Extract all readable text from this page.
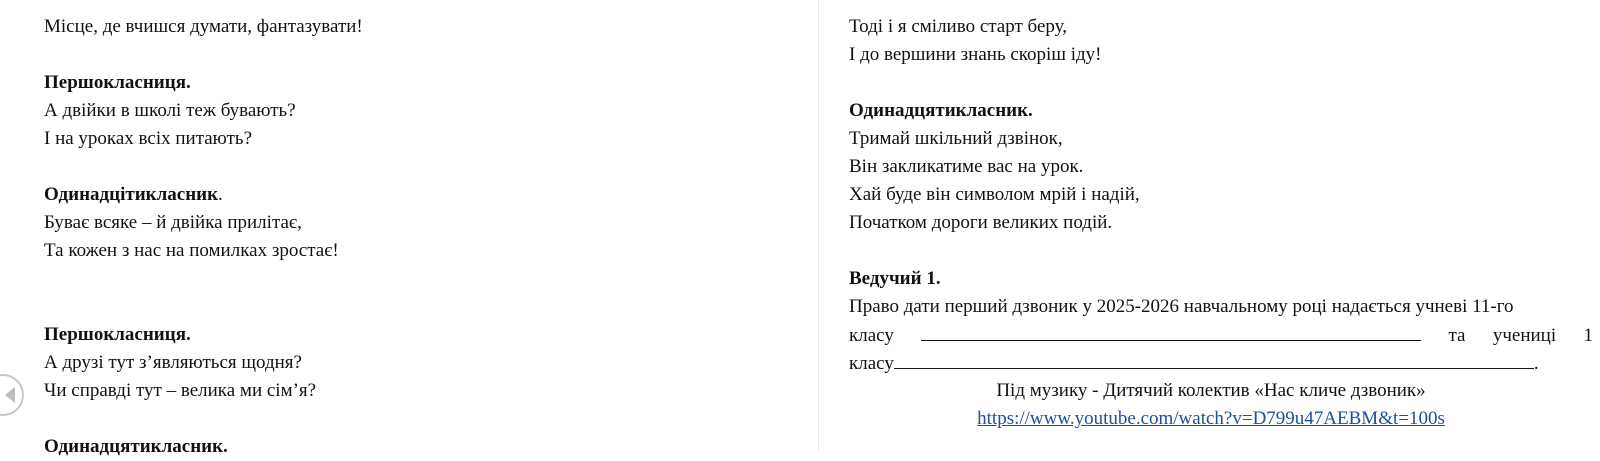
Місце, де вчишся думати, фантазувати!
Першокласниця.
А двійки в школі теж бувають?
І на уроках всіх питають?
Одинадцітикласник.
Буває всяке – й двійка прилітає,
Та кожен з нас на помилках зростає!
Першокласниця.
А друзі тут з’являються щодня?
Чи справді тут – велика ми сім’я?
Одинадцятикласник.
Тоді і я сміливо старт беру,
І до вершини знань скоріш іду!
Одинадцятикласник.
Тримай шкільний дзвінок,
Він закликатиме вас на урок.
Хай буде він символом мрій і надій,
Початком дороги великих подій.
Ведучий 1.
Право дати перший дзвоник у 2025-2026 навчальному році надається учневі 11-го
класу	та учениці 1
класу	.
Під музику - Дитячий колектив «Нас кличе дзвоник»
https://www.youtube.com/watch?v=D799u47AEBM&t=100s
